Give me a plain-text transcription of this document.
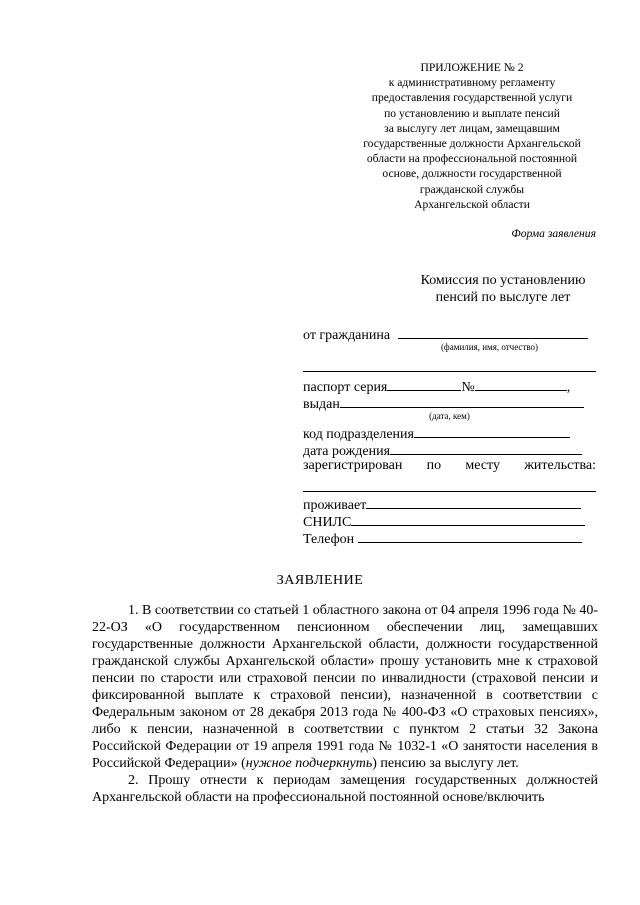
ПРИЛОЖЕНИЕ № 2
к административному регламенту
предоставления государственной услуги
по установлению и выплате пенсий
за выслугу лет лицам, замещавшим
государственные должности Архангельской
области на профессиональной постоянной
основе, должности государственной
гражданской службы
Архангельской области
Форма заявления
Комиссия по установлению
пенсий по выслуге лет
от гражданина
(фамилия, имя, отчество)
паспорт серия	№	,
выдан
(дата, кем)
код подразделения
дата рождения
зарегистрирован по месту жительства:
проживает
СНИЛС
Телефон
ЗАЯВЛЕНИЕ

1. В соответствии со статьей 1 областного закона от 04 апреля 1996 года № 40-22-ОЗ «О государственном пенсионном обеспечении лиц, замещавших государственные должности Архангельской области, должности государственной гражданской службы Архангельской области» прошу установить мне к страховой пенсии по старости или страховой пенсии по инвалидности (страховой пенсии и фиксированной выплате к страховой пенсии), назначенной в соответствии с Федеральным законом от 28 декабря 2013 года № 400-ФЗ «О страховых пенсиях», либо к пенсии, назначенной в соответствии с пунктом 2 статьи 32 Закона Российской Федерации от 19 апреля 1991 года № 1032-1 «О занятости населения в Российской Федерации» (нужное подчеркнуть) пенсию за выслугу лет.

2. Прошу отнести к периодам замещения государственных должностей Архангельской области на профессиональной постоянной основе/включить
